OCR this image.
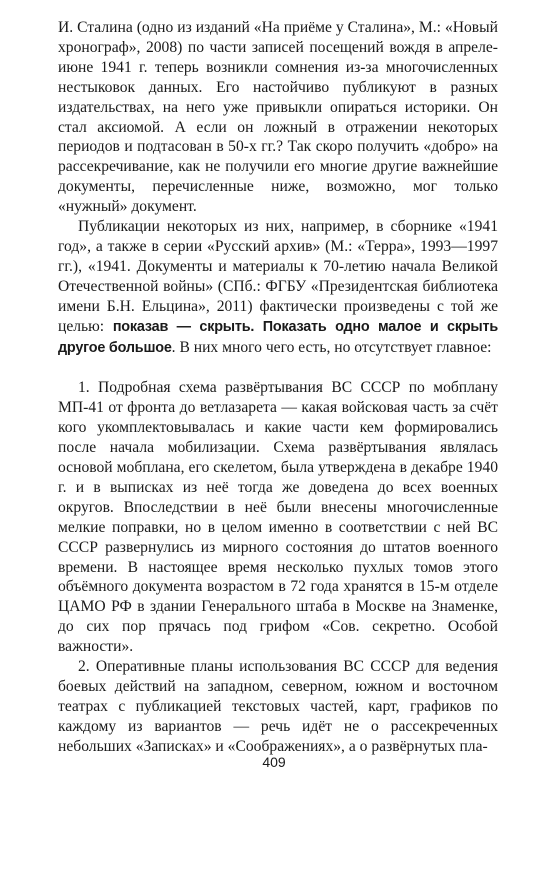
И. Сталина (одно из изданий «На приёме у Сталина», М.: «Новый хронограф», 2008) по части записей посещений вождя в апреле-июне 1941 г. теперь возникли сомнения из-за многочисленных нестыковок данных. Его настойчиво публикуют в разных издательствах, на него уже привыкли опираться историки. Он стал аксиомой. А если он ложный в отражении некоторых периодов и подтасован в 50-х гг.? Так скоро получить «добро» на рассекречивание, как не получили его многие другие важнейшие документы, перечисленные ниже, возможно, мог только «нужный» документ.

Публикации некоторых из них, например, в сборнике «1941 год», а также в серии «Русский архив» (М.: «Терра», 1993—1997 гг.), «1941. Документы и материалы к 70-летию начала Великой Отечественной войны» (СПб.: ФГБУ «Президентская библиотека имени Б.Н. Ельцина», 2011) фактически произведены с той же целью: показав — скрыть. Показать одно малое и скрыть другое большое. В них много чего есть, но отсутствует главное:

1. Подробная схема развёртывания ВС СССР по мобплану МП-41 от фронта до ветлазарета — какая войсковая часть за счёт кого укомплектовывалась и какие части кем формировались после начала мобилизации. Схема развёртывания являлась основой мобплана, его скелетом, была утверждена в декабре 1940 г. и в выписках из неё тогда же доведена до всех военных округов. Впоследствии в неё были внесены многочисленные мелкие поправки, но в целом именно в соответствии с ней ВС СССР развернулись из мирного состояния до штатов военного времени. В настоящее время несколько пухлых томов этого объёмного документа возрастом в 72 года хранятся в 15-м отделе ЦАМО РФ в здании Генерального штаба в Москве на Знаменке, до сих пор прячась под грифом «Сов. секретно. Особой важности».

2. Оперативные планы использования ВС СССР для ведения боевых действий на западном, северном, южном и восточном театрах с публикацией текстовых частей, карт, графиков по каждому из вариантов — речь идёт не о рассекреченных небольших «Записках» и «Соображениях», а о развёрнутых пла-

409
